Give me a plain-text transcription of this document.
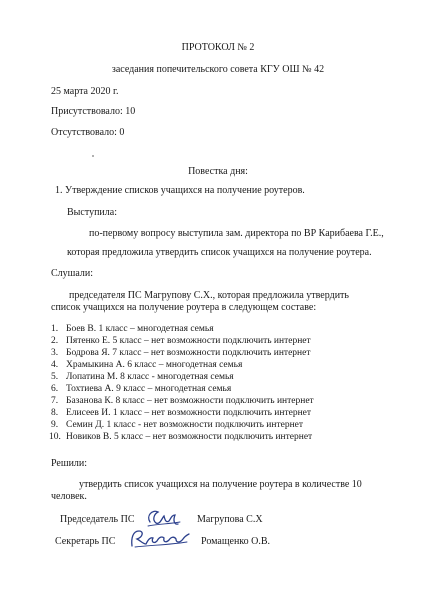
ПРОТОКОЛ № 2
заседания попечительского совета КГУ ОШ № 42
25 марта 2020 г.
Присутствовало: 10
Отсутствовало: 0
Повестка дня:
1. Утверждение списков учащихся на получение роутеров.
Выступила:
по-первому вопросу выступила зам. директора по ВР Карибаева Г.Е.,
которая предложила утвердить список учащихся на получение роутера.
Слушали:
председателя ПС Магрупову С.Х., которая предложила утвердить
список учащихся на получение роутера в следующем составе:
1. Боев В. 1 класс – многодетная семья
2. Пятенко Е. 5 класс – нет возможности подключить интернет
3. Бодрова Я. 7 класс – нет возможности подключить интернет
4. Храмыкина А. 6 класс – многодетная семья
5. Лопатина М. 8 класс - многодетная семья
6. Тохтиева А. 9 класс – многодетная семья
7. Базанова К. 8 класс – нет возможности подключить интернет
8. Елисеев И. 1 класс – нет возможности подключить интернет
9. Семин Д. 1 класс - нет возможности подключить интернет
10. Новиков В. 5 класс – нет возможности подключить интернет
Решили:
утвердить список учащихся на получение роутера в количестве 10
человек.
Председатель ПС	Магрупова С.Х
Секретарь ПС	Ромащенко О.В.
